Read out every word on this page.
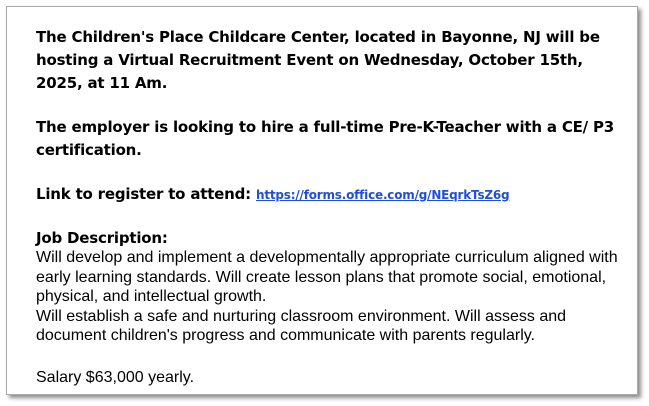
The Children's Place Childcare Center, located in Bayonne, NJ will be hosting a Virtual Recruitment Event on Wednesday, October 15th, 2025, at 11 Am.

The employer is looking to hire a full-time Pre-K-Teacher with a CE/ P3 certification.

Link to register to attend: https://forms.office.com/g/NEqrkTsZ6g

Job Description:

Will develop and implement a developmentally appropriate curriculum aligned with early learning standards. Will create lesson plans that promote social, emotional, physical, and intellectual growth.

Will establish a safe and nurturing classroom environment. Will assess and document children's progress and communicate with parents regularly.

Salary $63,000 yearly.
